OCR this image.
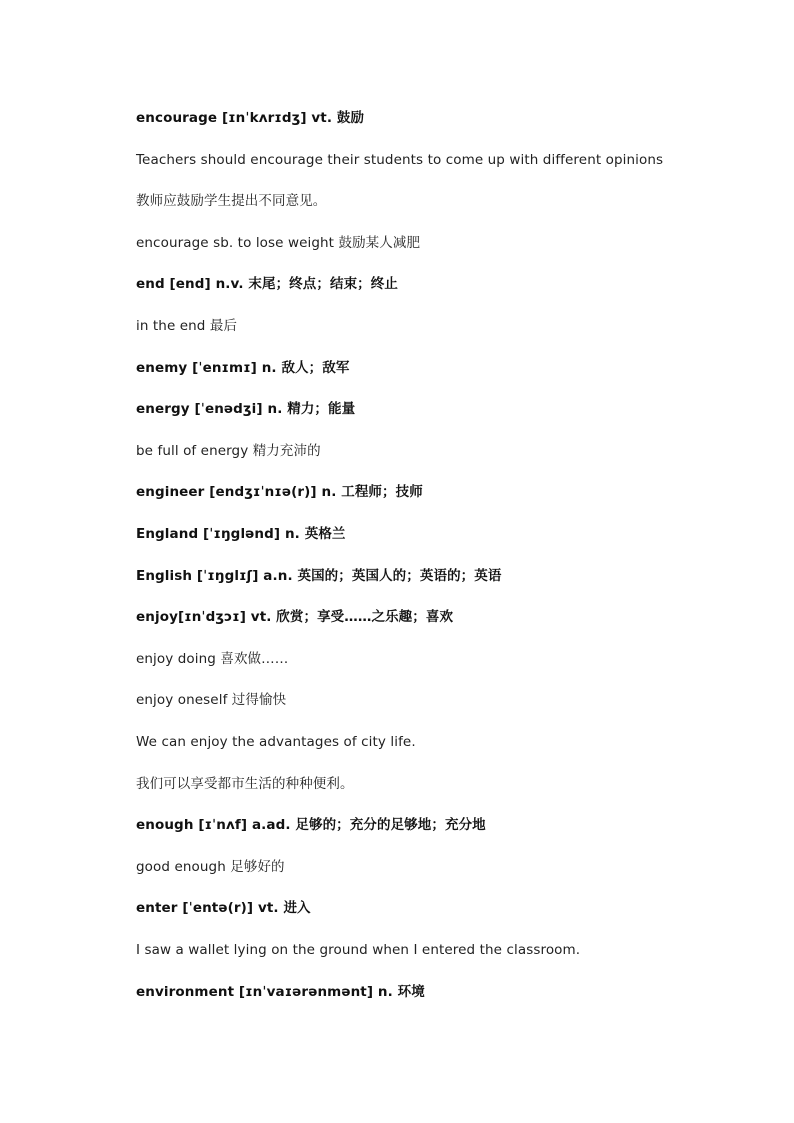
encourage [ɪnˈkʌrɪdʒ] vt. 鼓励
Teachers should encourage their students to come up with different opinions
教师应鼓励学生提出不同意见。
encourage sb. to lose weight 鼓励某人减肥
end [end] n.v. 末尾；终点；结束；终止
in the end 最后
enemy [ˈenɪmɪ] n. 敌人；敌军
energy [ˈenədʒi] n. 精力；能量
be full of energy 精力充沛的
engineer [endʒɪˈnɪə(r)] n. 工程师；技师
England [ˈɪŋglənd] n. 英格兰
English [ˈɪŋglɪʃ] a.n. 英国的；英国人的；英语的；英语
enjoy[ɪnˈdʒɔɪ] vt. 欣赏；享受……之乐趣；喜欢
enjoy doing 喜欢做……
enjoy oneself 过得愉快
We can enjoy the advantages of city life.
我们可以享受都市生活的种种便利。
enough [ɪˈnʌf] a.ad. 足够的；充分的足够地；充分地
good enough 足够好的
enter [ˈentə(r)] vt. 进入
I saw a wallet lying on the ground when I entered the classroom.
environment [ɪnˈvaɪərənmənt] n. 环境
